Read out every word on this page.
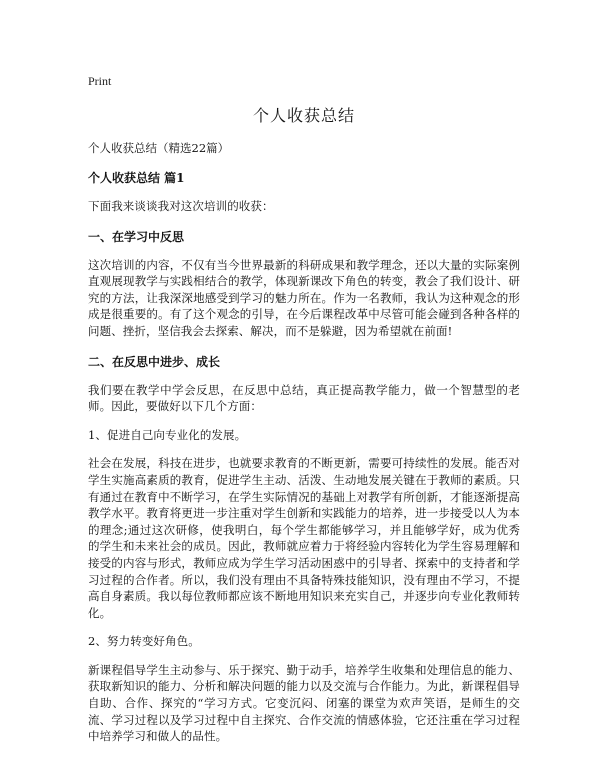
Print
个人收获总结

个人收获总结（精选22篇）

个人收获总结 篇1

下面我来谈谈我对这次培训的收获：

一、在学习中反思

这次培训的内容，不仅有当今世界最新的科研成果和教学理念，还以大量的实际案例直观展现教学与实践相结合的教学，体现新课改下角色的转变，教会了我们设计、研究的方法，让我深深地感受到学习的魅力所在。作为一名教师，我认为这种观念的形成是很重要的。有了这个观念的引导，在今后课程改革中尽管可能会碰到各种各样的问题、挫折，坚信我会去探索、解决，而不是躲避，因为希望就在前面!

二、在反思中进步、成长

我们要在教学中学会反思，在反思中总结，真正提高教学能力，做一个智慧型的老师。因此，要做好以下几个方面：

1、促进自己向专业化的发展。

社会在发展，科技在进步，也就要求教育的不断更新，需要可持续性的发展。能否对学生实施高素质的教育，促进学生主动、活泼、生动地发展关键在于教师的素质。只有通过在教育中不断学习，在学生实际情况的基础上对教学有所创新，才能逐渐提高教学水平。教育将更进一步注重对学生创新和实践能力的培养，进一步接受以人为本的理念;通过这次研修，使我明白，每个学生都能够学习，并且能够学好，成为优秀的学生和未来社会的成员。因此，教师就应着力于将经验内容转化为学生容易理解和接受的内容与形式，教师应成为学生学习活动困惑中的引导者、探索中的支持者和学习过程的合作者。所以，我们没有理由不具备特殊技能知识，没有理由不学习，不提高自身素质。我以每位教师都应该不断地用知识来充实自己，并逐步向专业化教师转化。

2、努力转变好角色。

新课程倡导学生主动参与、乐于探究、勤于动手，培养学生收集和处理信息的能力、获取新知识的能力、分析和解决问题的能力以及交流与合作能力。为此，新课程倡导自助、合作、探究的“学习方式。它变沉闷、闭塞的课堂为欢声笑语，是师生的交流、学习过程以及学习过程中自主探究、合作交流的情感体验，它还注重在学习过程中培养学习和做人的品性。
